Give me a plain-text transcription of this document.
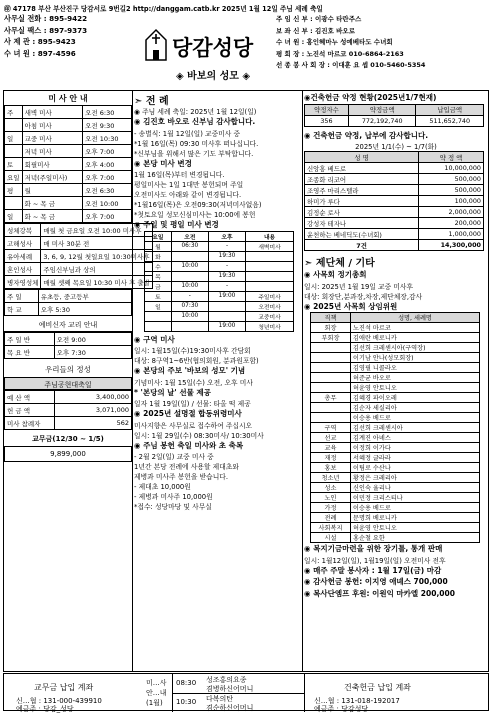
㊞ 47178 부산 부산진구 당감서로 9번길2 http://danggam.catb.kr 2025년 1월 12일 주님 세례 축일
사무실 전화 : 895-9422
사무실 팩스 : 897-9373
사 제 관 : 895-9423
수 녀 원 : 897-4596	당감성당
◈ 바보의 성모 ◈
주 임 신 부 : 이광수 타란주스
보 좌 신 부 : 김진호 바오로
수 녀 원 : 홍인혜마누 성예베타도 수녀회
평 회 장 : 노진석 마르코 010-6864-2163
선 종 봉 사 회 장 : 이대훈 요 셉 010-5460-5354
미 사 안 내
주	새벽 미사	오전 6:30
	아침 미사	오전 9:30
일	교중 미사	오전 10:30
	저녁 미사	오후 7:00
토	회필미사	오후 4:00
요일	저녁(주일미사)	오후 7:00
평	월	오전 6:30
	화 ~ 목 금	오전 10:00
일	화 ~ 목 금	오후 7:00
성체강복	매월 첫 금요일 오전 10:00 미사후
고해성사	매 미사 30분 전
유아세례	3, 6, 9, 12월 첫일요일 10:30미사후
혼인성사	주임신부님과 상의
병자영성체	매월 셋째 목요일 10:30 미사 후 출발
주 일	유초등, 중고등부
학 교	오후 5:30
예비신자 교리 안내
주 일 반	오전 9:00
목 요 반	오후 7:30
우리들의 정성
주님공현대축일
예 산 액	3,400,000
헌 금 액	3,071,000
미사 참례자	562
교무금(12/30 ~ 1/5)
9,899,000
➣ 전 례
◉ 주님 세례 축일: 2025년 1월 12일(일)
◉ 김진호 바오로 신부님 감사합니다.
- 송별식: 1월 12일(일) 교중미사 중
*1월 16일(목) 09:30 미사후 떠나십니다.
*신부님을 위해서 많은 기도 부탁합니다.
◉ 본당 미사 변경
1월 16일(목)부터 변경됩니다.
평일미사는 1일 1대만 봉헌되며 주일
오전미사도 아래와 같이 변경됩니다.
*1월16일(목)은 오전09:30(저녁미사없음)
*첫토요일 성모신심미사는 10:00에 봉헌
◉ 주일 및 평일 미사 변경
요일	오전	오후	내용
월	06:30	-	새벽미사
화		19:30	
수	10:00	-	
목		19:30	
금	10:00	-	
토	-	19:00	주일미사
일	07:30		오전미사
	10:00		교중미사
		19:00	청년미사
◉ 구역 미사
일시: 1월15일(수)19:30미사후 간담회
대상: 8구역1~6반(협의회원, 분과원포함)
◉ 본당의 주보 '바보의 성모' 기념
기념미사: 1월 15일(수) 오전, 오후 미사
* '본당의 날' 선물 제공
일자 1월 19일(일) / 선물: 타올 떡 제공
◉ 2025년 설명절 합동위령미사
미사지향은 사무실로 접수하여 주십시오
일시: 1월 29일(수) 08:30미사/ 10:30미사
◉ 주님 봉헌 축일 미사와 초 축복
- 2월 2일(일) 교중 미사 중
1년간 본당 전례에 사용할 제대초와
제병과 미사주 봉헌을 받습니다.
- 제대초 10,000원
- 제병과 미사주 10,000원
*접수: 성당마당 및 사무실
◉건축헌금 약정 현황(2025년1/7현재)
약정자수	약정금액	납입금액
356	772,192,740	511,652,740
◉ 건축헌금 약정, 납부에 감사합니다.
2025년 1/1(수) ~ 1/7(화)
성 명	약 정 액
신앙홍 베드로	10,000,000
조종화 리코어	500,000
조영주 마리스텔라	500,000
하미가 루다	100,000
김정순 로사	2,000,000
강성자 테자나	200,000
윤천하는 베네딕도(수녀회)	1,000,000
7건	14,300,000
➣ 제단체 / 기타
◉ 사목회 정기총회
일시: 2025년 1월 19일 교중 미사후
대상: 회장단,분과장,차장,제단체장,감사
◉ 2025년 사목회 상임위원
직책	성명, 세례명
회장	노진석 마르코
부회장	김애란 베로니카
	김선희 크레센시아(구역장)
	이기남 안나(성모회장)
	김영필 니콜라오
	허준균 바오로
	허윤영 안토니오
총무	김혜경 파이오레
	김순자 세실리아
	이승용 베드로
구역	김선희 크레센시아
선교	김계진 아녜스
교육	이정희 이가다
재정	서혜정 글라라
홍보	이팀로 수산나
청소년	황정은 크레리아
성소	신인숙 율리나
노인	이민정 크리스티나
가정	이승용 베드로
전례	문명희 베로니카
사회복지	허윤영 안토니오
시설	홍순철 요한
◉ 복지기금마련을 위한 장기틀, 통개 판매
일시: 1월12일(일), 1월19일(일) 오전미사 전후
◉ 매주 주말 봉사자 : 1월 17일(금) 마감
◉ 감사헌금 봉헌: 이지영 애녜스 700,000
◉ 복사단엠프 후원: 이원익 마카엘 200,000
교무금 납입 계좌
신…협 : 131-000-439910
예금주 : 당감_성당
미…사
안…내
(1월)
08:30 성조홍의요종
겸병하신어머니
10:30 다복의탄
겸순하신어머니
건축헌금 납입 계좌
신…협 : 131-018-192017
예금주 : 당감성당
